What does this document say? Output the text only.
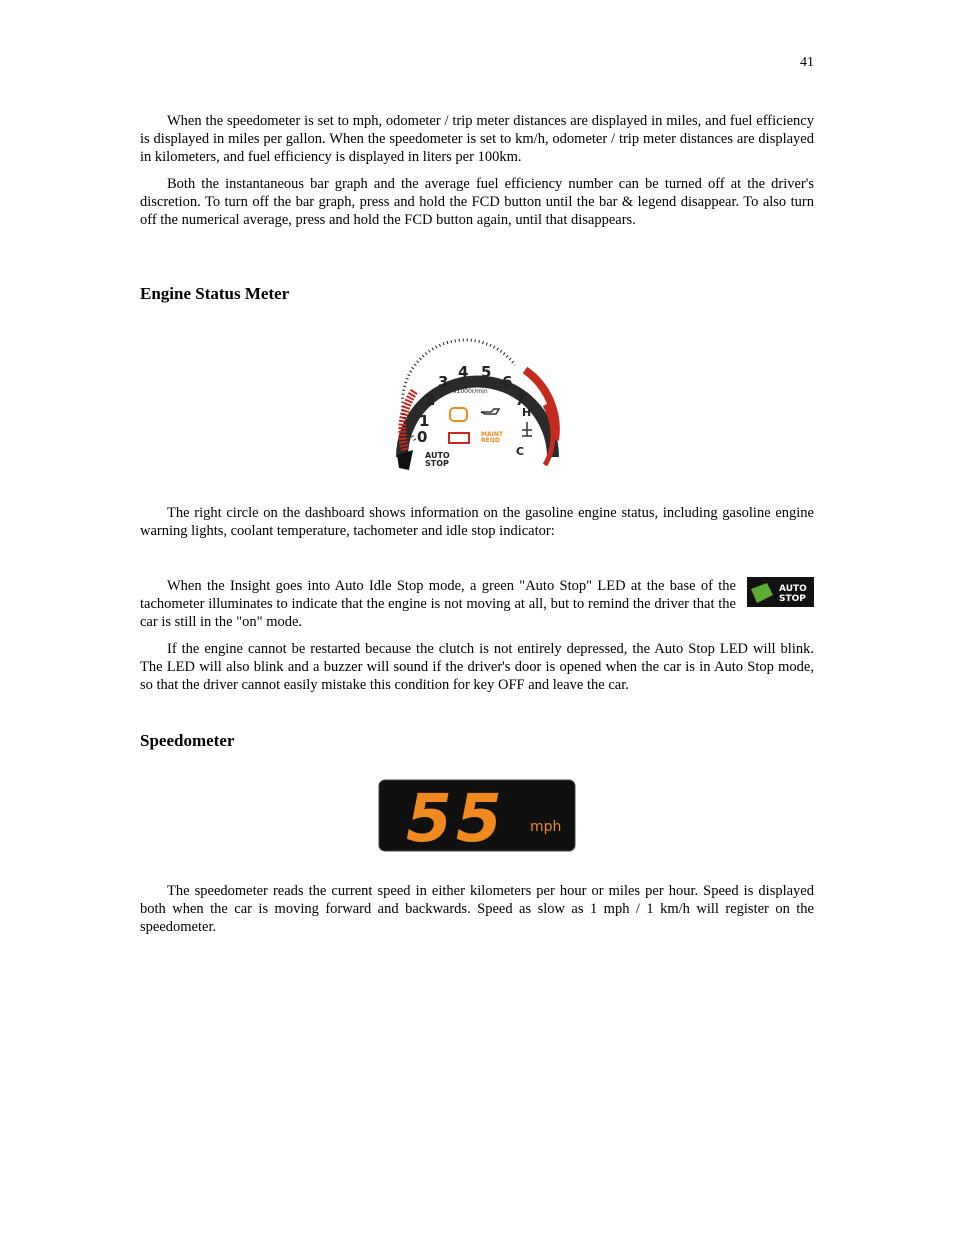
41

When the speedometer is set to mph, odometer / trip meter distances are displayed in miles, and fuel efficiency is displayed in miles per gallon. When the speedometer is set to km/h, odometer / trip meter distances are displayed in kilometers, and fuel efficiency is displayed in liters per 100km.

Both the instantaneous bar graph and the average fuel efficiency number can be turned off at the driver's discretion. To turn off the bar graph, press and hold the FCD button until the bar & legend disappear. To also turn off the numerical average, press and hold the FCD button again, until that disappears.

Engine Status Meter
0
1
2
3
4 5
6
7
x1000r/min
H
C
MAINT
REQD
AUTO
STOP

The right circle on the dashboard shows information on the gasoline engine status, including gasoline engine warning lights, coolant temperature, tachometer and idle stop indicator:

When the Insight goes into Auto Idle Stop mode, a green "Auto Stop" LED at the base of the tachometer illuminates to indicate that the engine is not moving at all, but to remind the driver that the car is still in the "on" mode.

AUTO
STOP

If the engine cannot be restarted because the clutch is not entirely depressed, the Auto Stop LED will blink. The LED will also blink and a buzzer will sound if the driver's door is opened when the car is in Auto Stop mode, so that the driver cannot easily mistake this condition for key OFF and leave the car.

Speedometer
55 mph

The speedometer reads the current speed in either kilometers per hour or miles per hour. Speed is displayed both when the car is moving forward and backwards. Speed as slow as 1 mph / 1 km/h will register on the speedometer.
